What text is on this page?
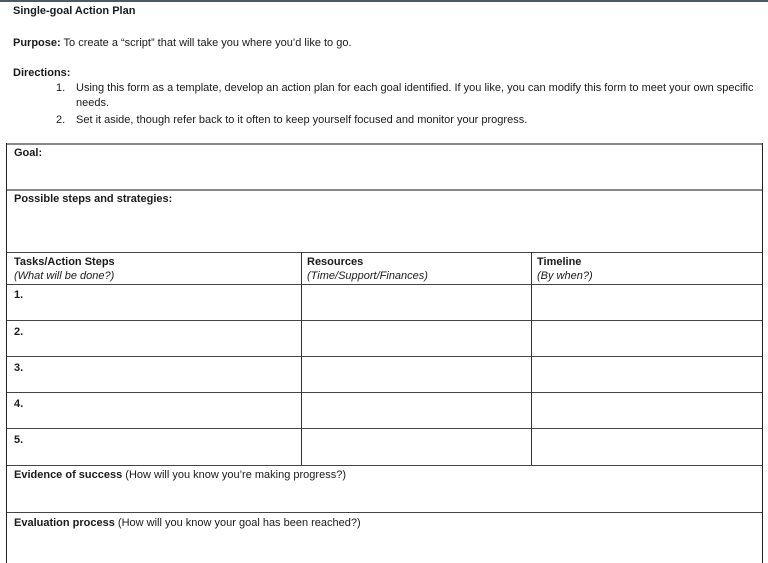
Single-goal Action Plan
Purpose: To create a “script” that will take you where you’d like to go.
Directions:
1. Using this form as a template, develop an action plan for each goal identified. If you like, you can modify this form to meet your own specific needs.
2. Set it aside, though refer back to it often to keep yourself focused and monitor your progress.
Goal:
Possible steps and strategies:
Tasks/Action Steps
(What will be done?)
Resources
(Time/Support/Finances)
Timeline
(By when?)
1.
2.
3.
4.
5.
Evidence of success (How will you know you’re making progress?)
Evaluation process (How will you know your goal has been reached?)
